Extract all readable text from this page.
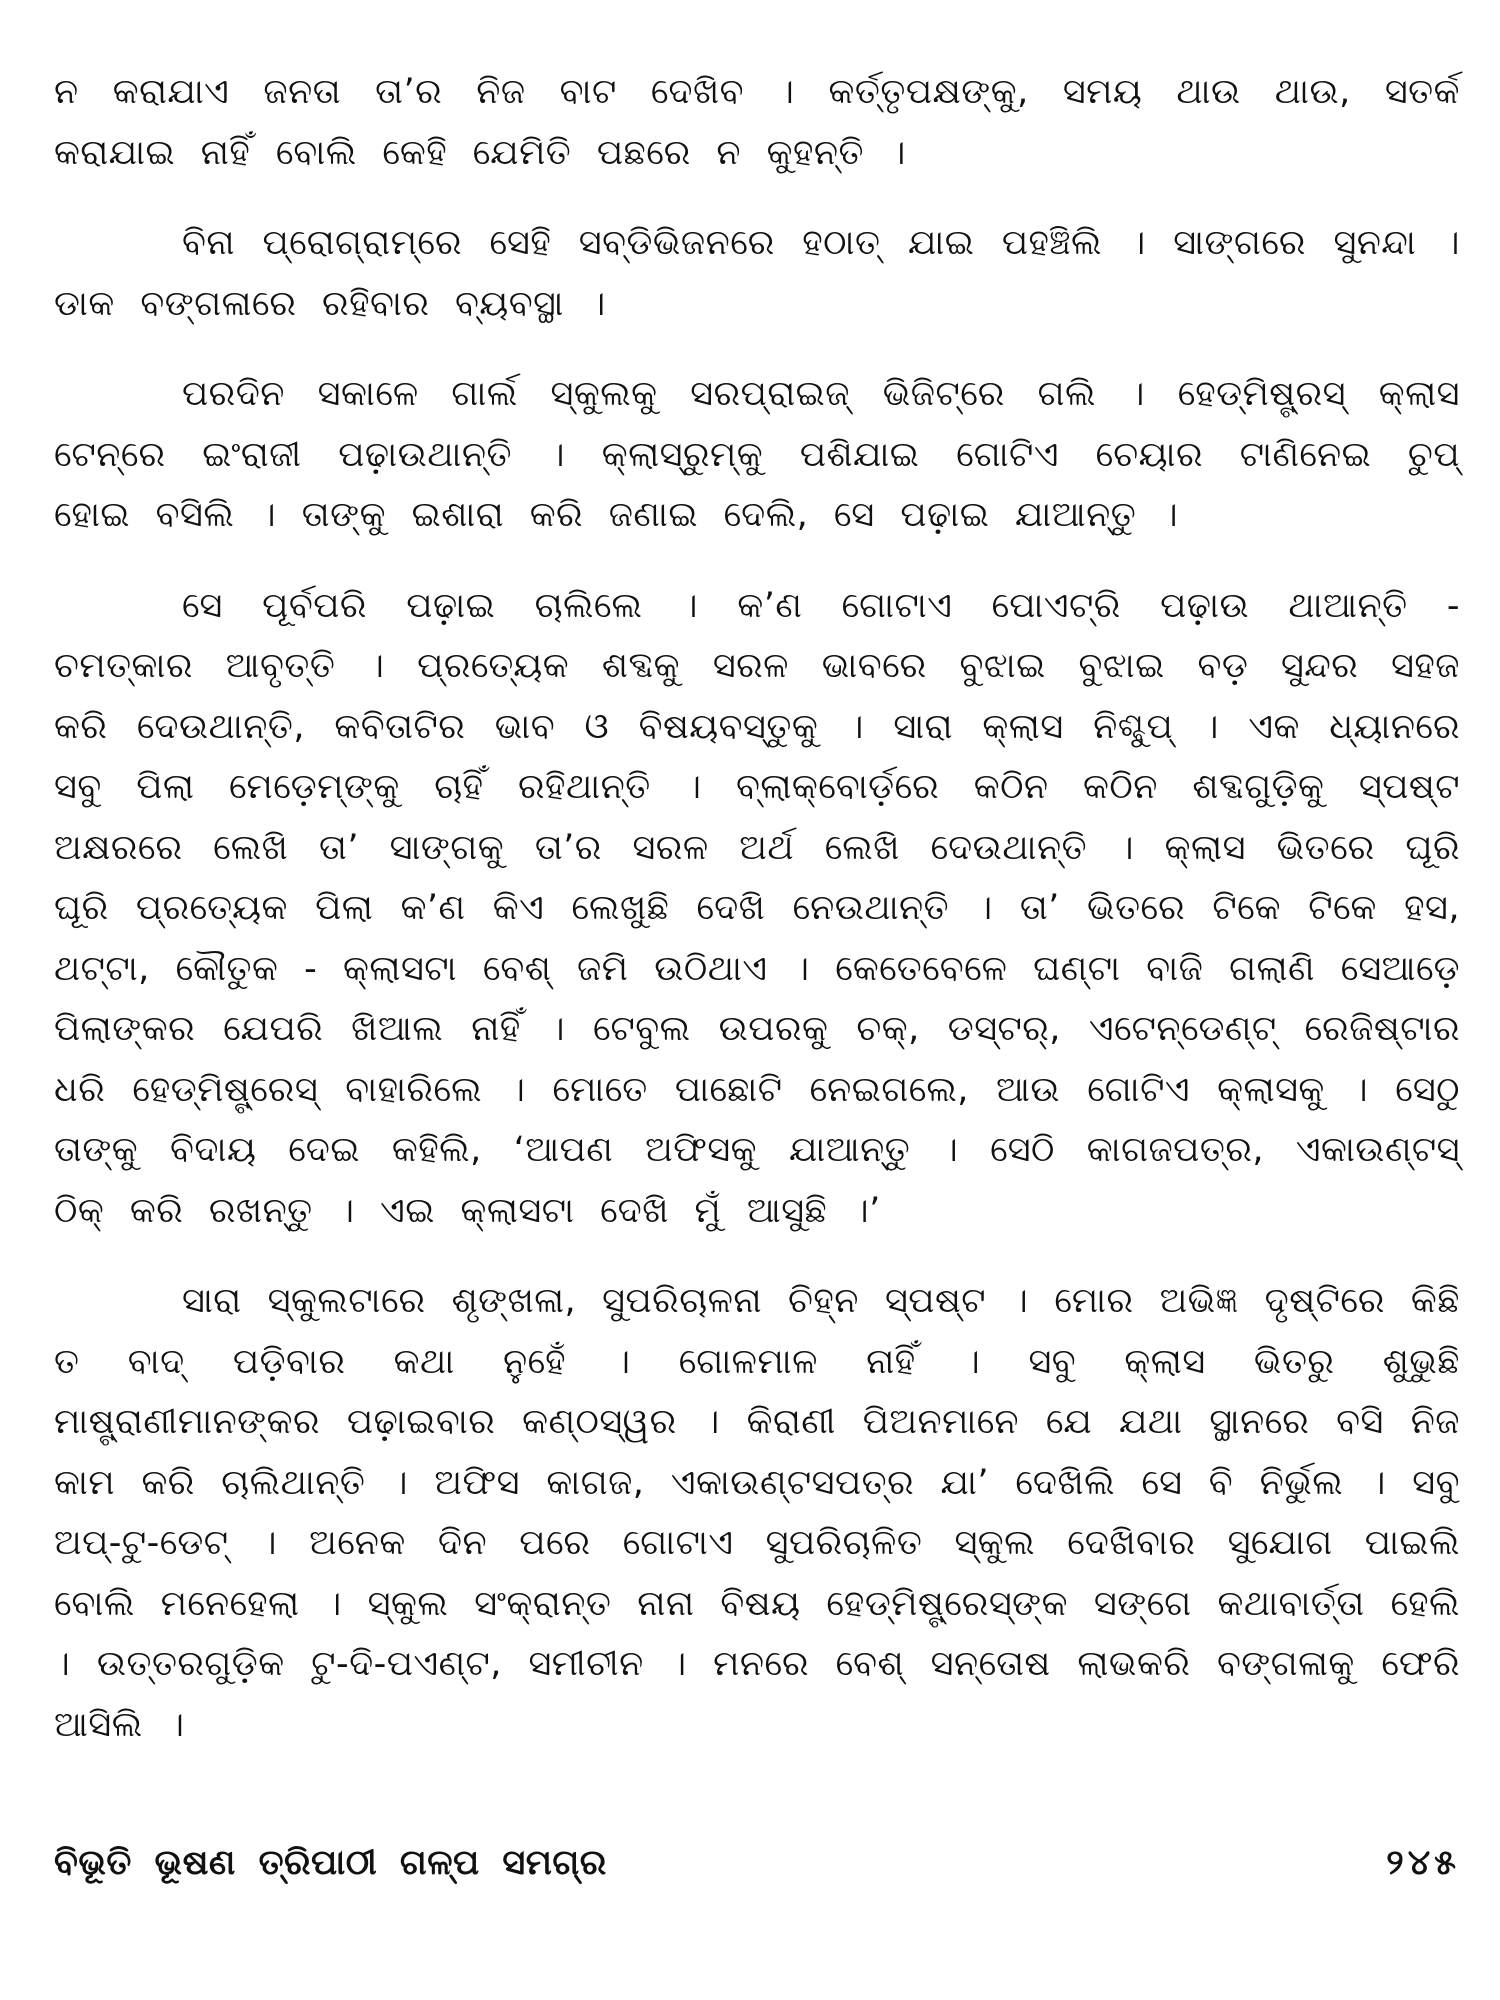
ନ କରାଯାଏ ଜନତା ତା’ର ନିଜ ବାଟ ଦେଖିବ । କର୍ତ୍ତୃପକ୍ଷଙ୍କୁ, ସମୟ ଥାଉ ଥାଉ, ସତର୍କ କରାଯାଇ ନାହିଁ ବୋଲି କେହି ଯେମିତି ପଛରେ ନ କୁହନ୍ତି ।

ବିନା ପ୍ରୋଗ୍ରାମ୍‌ରେ ସେହି ସବ୍‌ଡିଭିଜନରେ ହଠାତ୍ ଯାଇ ପହଞ୍ଚିଲି । ସାଙ୍ଗରେ ସୁନନ୍ଦା । ଡାକ ବଙ୍ଗଳାରେ ରହିବାର ବ୍ୟବସ୍ଥା ।

ପରଦିନ ସକାଳେ ଗାର୍ଲ ସ୍କୁଲକୁ ସରପ୍ରାଇଜ୍ ଭିଜିଟ୍‌ରେ ଗଲି । ହେଡ୍‌ମିଷ୍ଟ୍ରସ୍ କ୍ଲାସ ଟେନ୍‌ରେ ଇଂରାଜୀ ପଢ଼ାଉଥାନ୍ତି । କ୍ଲାସ୍‌ରୁମ୍‌କୁ ପଶିଯାଇ ଗୋଟିଏ ଚେୟାର ଟାଣିନେଇ ଚୁପ୍ ହୋଇ ବସିଲି । ତାଙ୍କୁ ଇଶାରା କରି ଜଣାଇ ଦେଲି, ସେ ପଢ଼ାଇ ଯାଆନ୍ତୁ ।

ସେ ପୂର୍ବପରି ପଢ଼ାଇ ଚାଲିଲେ । କ’ଣ ଗୋଟାଏ ପୋଏଟ୍ରି ପଢ଼ାଉ ଥାଆନ୍ତି - ଚମତ୍କାର ଆବୃତ୍ତି । ପ୍ରତ୍ୟେକ ଶବ୍ଦକୁ ସରଳ ଭାବରେ ବୁଝାଇ ବୁଝାଇ ବଡ଼ ସୁନ୍ଦର ସହଜ କରି ଦେଉଥାନ୍ତି, କବିତାଟିର ଭାବ ଓ ବିଷୟବସ୍ତୁକୁ । ସାରା କ୍ଲାସ ନିଶ୍ଚୁପ୍ । ଏକ ଧ୍ୟାନରେ ସବୁ ପିଲା ମେଡ଼େମ୍‌ଙ୍କୁ ଚାହିଁ ରହିଥାନ୍ତି । ବ୍ଲାକ୍‌ବୋର୍ଡ଼ରେ କଠିନ କଠିନ ଶବ୍ଦଗୁଡ଼ିକୁ ସ୍ପଷ୍ଟ ଅକ୍ଷରରେ ଲେଖି ତା’ ସାଙ୍ଗକୁ ତା’ର ସରଳ ଅର୍ଥ ଲେଖି ଦେଉଥାନ୍ତି । କ୍ଲାସ ଭିତରେ ଘୂରି ଘୂରି ପ୍ରତ୍ୟେକ ପିଲା କ’ଣ କିଏ ଲେଖୁଛି ଦେଖି ନେଉଥାନ୍ତି । ତା’ ଭିତରେ ଟିକେ ଟିକେ ହସ, ଥଟ୍ଟା, କୌତୁକ - କ୍ଲାସଟା ବେଶ୍ ଜମି ଉଠିଥାଏ । କେତେବେଳେ ଘଣ୍ଟା ବାଜି ଗଲାଣି ସେଆଡ଼େ ପିଲାଙ୍କର ଯେପରି ଖିଆଲ ନାହିଁ । ଟେବୁଲ ଉପରକୁ ଚକ୍, ଡସ୍ଟର୍, ଏଟେନ୍‌ଡେଣ୍ଟ୍ ରେଜିଷ୍ଟାର ଧରି ହେଡ୍‌ମିଷ୍ଟ୍ରେସ୍ ବାହାରିଲେ । ମୋତେ ପାଛୋଟି ନେଇଗଲେ, ଆଉ ଗୋଟିଏ କ୍ଲାସକୁ । ସେଠୁ ତାଙ୍କୁ ବିଦାୟ ଦେଇ କହିଲି, ‘ଆପଣ ଅଫିସକୁ ଯାଆନ୍ତୁ । ସେଠି କାଗଜପତ୍ର, ଏକାଉଣ୍ଟସ୍ ଠିକ୍ କରି ରଖନ୍ତୁ । ଏଇ କ୍ଲାସଟା ଦେଖି ମୁଁ ଆସୁଛି ।’

ସାରା ସ୍କୁଲଟାରେ ଶୃଙ୍ଖଳା, ସୁପରିଚାଳନା ଚିହ୍ନ ସ୍ପଷ୍ଟ । ମୋର ଅଭିଜ୍ଞ ଦୃଷ୍ଟିରେ କିଛି ତ ବାଦ୍ ପଡ଼ିବାର କଥା ନୁହେଁ । ଗୋଳମାଳ ନାହିଁ । ସବୁ କ୍ଲାସ ଭିତରୁ ଶୁଭୁଛି ମାଷ୍ଟ୍ରାଣୀମାନଙ୍କର ପଢ଼ାଇବାର କଣ୍ଠସ୍ୱର । କିରାଣୀ ପିଅନମାନେ ଯେ ଯଥା ସ୍ଥାନରେ ବସି ନିଜ କାମ କରି ଚାଲିଥାନ୍ତି । ଅଫିସ କାଗଜ, ଏକାଉଣ୍ଟସପତ୍ର ଯା’ ଦେଖିଲି ସେ ବି ନିର୍ଭୁଲ । ସବୁ ଅପ୍-ଟୁ-ଡେଟ୍ । ଅନେକ ଦିନ ପରେ ଗୋଟାଏ ସୁପରିଚାଳିତ ସ୍କୁଲ ଦେଖିବାର ସୁଯୋଗ ପାଇଲି ବୋଲି ମନେହେଲା । ସ୍କୁଲ ସଂକ୍ରାନ୍ତ ନାନା ବିଷୟ ହେଡ୍‌ମିଷ୍ଟ୍ରେସ୍‌ଙ୍କ ସଙ୍ଗେ କଥାବାର୍ତ୍ତା ହେଲି । ଉତ୍ତରଗୁଡ଼ିକ ଟୁ-ଦି-ପଏଣ୍ଟ, ସମୀଚୀନ । ମନରେ ବେଶ୍ ସନ୍ତୋଷ ଲାଭକରି ବଙ୍ଗଳାକୁ ଫେରି ଆସିଲି ।

ବିଭୂତି ଭୂଷଣ ତ୍ରିପାଠୀ ଗଳ୍ପ ସମଗ୍ର	୨୪୫
